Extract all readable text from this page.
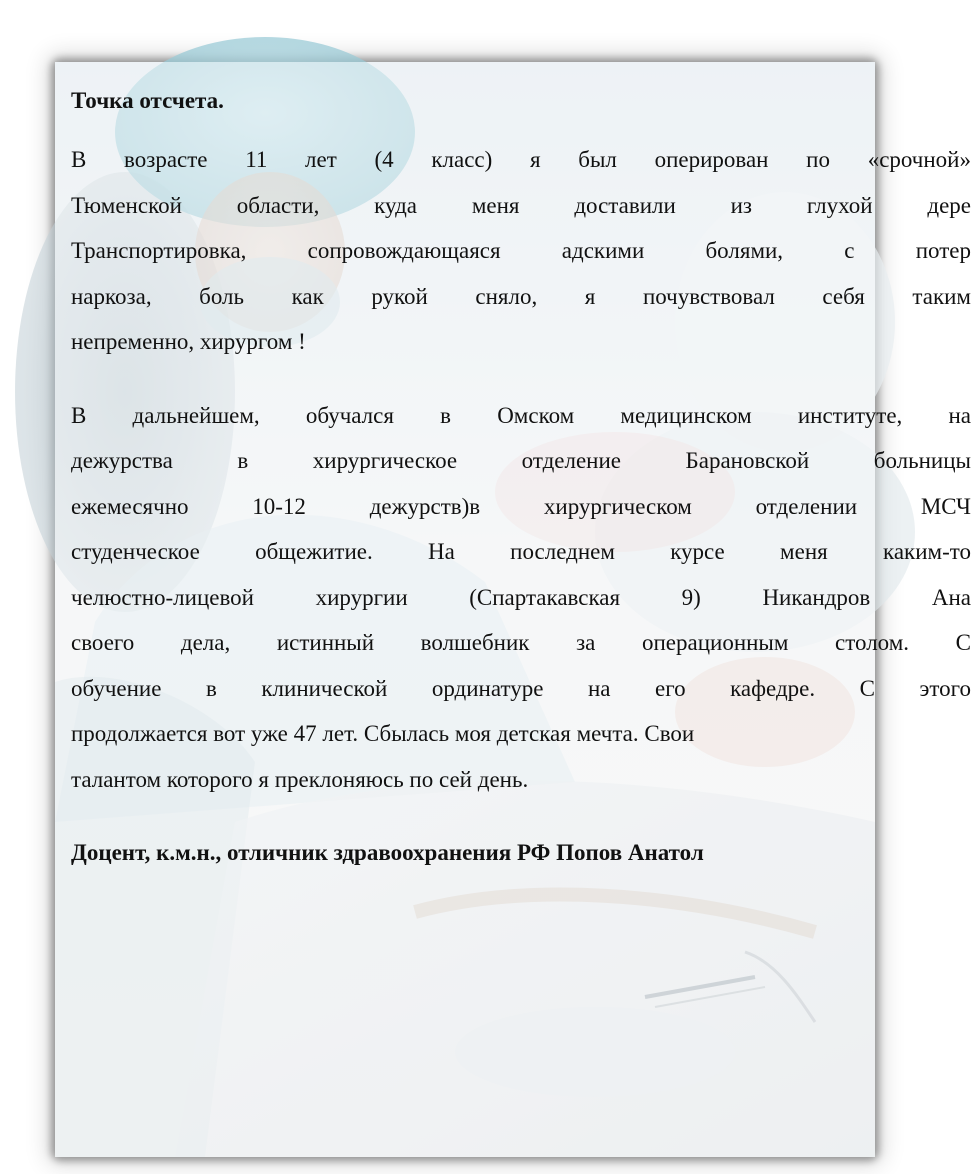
Точка отсчета.
В возрасте 11 лет (4 класс) я был оперирован по «срочной»
Тюменской области, куда меня доставили из глухой дере
Транспортировка, сопровождающаяся адскими болями, с потер
наркоза, боль как рукой сняло, я почувствовал себя таким
непременно, хирургом !
В дальнейшем, обучался в Омском медицинском институте, на
дежурства в хирургическое отделение Барановской больницы
ежемесячно 10-12 дежурств)в хирургическом отделении МСЧ
студенческое общежитие. На последнем курсе меня каким-то
челюстно-лицевой хирургии (Спартакавская 9) Никандров Ана
своего дела, истинный волшебник за операционным столом. С
обучение в клинической ординатуре на его кафедре. С этого
продолжается вот уже 47 лет. Сбылась моя детская мечта. Свои
талантом которого я преклоняюсь по сей день.
Доцент, к.м.н., отличник здравоохранения РФ Попов Анатол
